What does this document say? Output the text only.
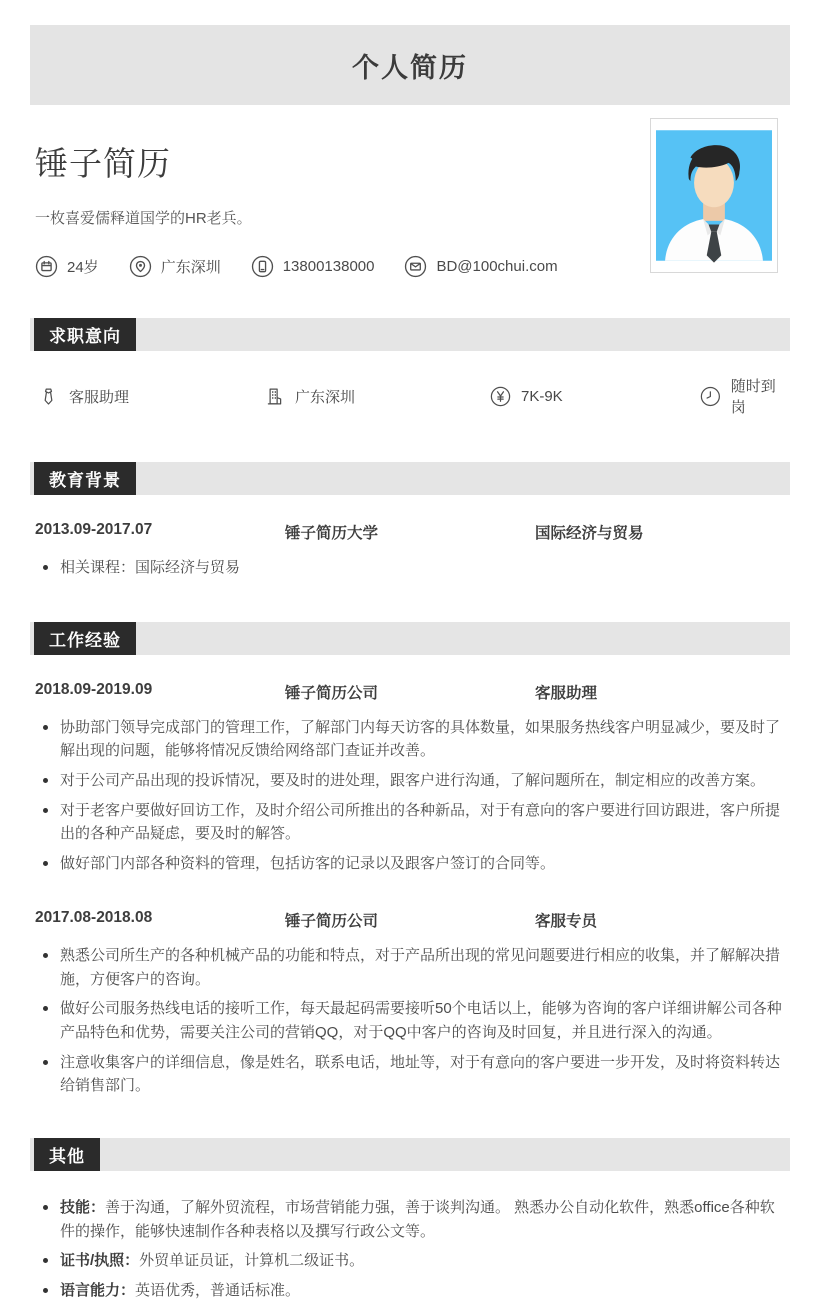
个人简历
锤子简历
一枚喜爱儒释道国学的HR老兵。
24岁	广东深圳	13800138000	BD@100chui.com
求职意向
客服助理	广东深圳	7K-9K
随时到岗
教育背景
2013.09-2017.07	锤子简历大学	国际经济与贸易
相关课程：国际经济与贸易
工作经验
2018.09-2019.09	锤子简历公司	客服助理
协助部门领导完成部门的管理工作，了解部门内每天访客的具体数量，如果服务热线客户明显减少，要及时了解出现的问题，能够将情况反馈给网络部门查证并改善。
对于公司产品出现的投诉情况，要及时的进处理，跟客户进行沟通，了解问题所在，制定相应的改善方案。
对于老客户要做好回访工作，及时介绍公司所推出的各种新品，对于有意向的客户要进行回访跟进，客户所提出的各种产品疑虑，要及时的解答。
做好部门内部各种资料的管理，包括访客的记录以及跟客户签订的合同等。
2017.08-2018.08	锤子简历公司	客服专员
熟悉公司所生产的各种机械产品的功能和特点，对于产品所出现的常见问题要进行相应的收集，并了解解决措施，方便客户的咨询。
做好公司服务热线电话的接听工作，每天最起码需要接听50个电话以上，能够为咨询的客户详细讲解公司各种产品特色和优势，需要关注公司的营销QQ，对于QQ中客户的咨询及时回复，并且进行深入的沟通。
注意收集客户的详细信息，像是姓名，联系电话，地址等，对于有意向的客户要进一步开发，及时将资料转达给销售部门。
其他
技能：善于沟通，了解外贸流程，市场营销能力强，善于谈判沟通。 熟悉办公自动化软件，熟悉office各种软件的操作，能够快速制作各种表格以及撰写行政公文等。
证书/执照：外贸单证员证，计算机二级证书。
语言能力：英语优秀，普通话标准。
